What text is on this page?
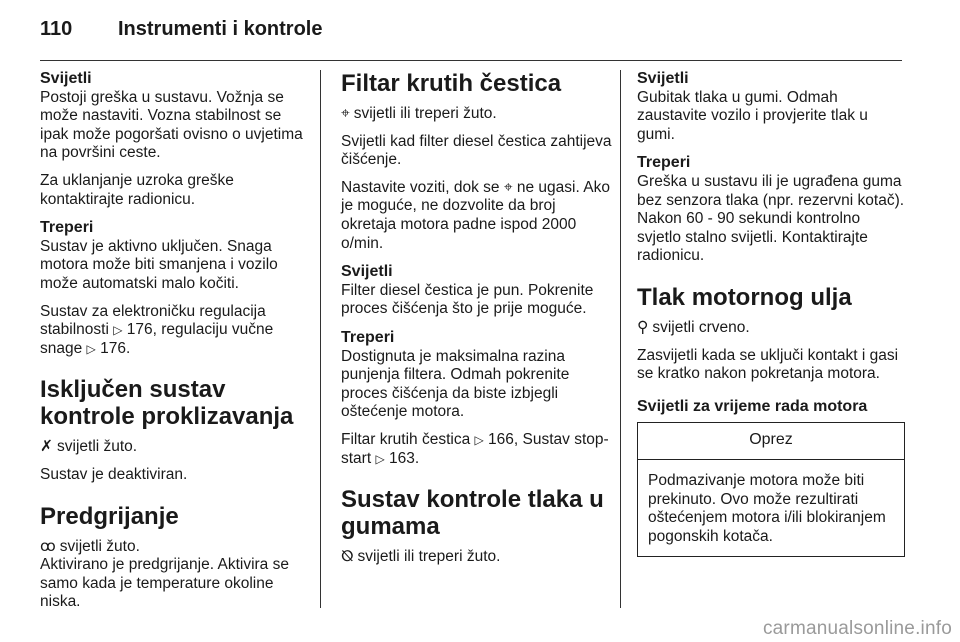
110 Instrumenti i kontrole

Svijetli

Postoji greška u sustavu. Vožnja se može nastaviti. Vozna stabilnost se ipak može pogoršati ovisno o uvjetima na površini ceste.

Za uklanjanje uzroka greške kontaktirajte radionicu.

Treperi

Sustav je aktivno uključen. Snaga motora može biti smanjena i vozilo može automatski malo kočiti.

Sustav za elektroničku regulacija stabilnosti ▷ 176, regulaciju vučne snage ▷ 176.

Isključen sustav kontrole proklizavanja

✗ svijetli žuto.

Sustav je deaktiviran.

Predgrijanje

ꝏ svijetli žuto.

Aktivirano je predgrijanje. Aktivira se samo kada je temperature okoline niska.

Filtar krutih čestica

⌖ svijetli ili treperi žuto.

Svijetli kad filter diesel čestica zahtijeva čišćenje.

Nastavite voziti, dok se ⌖ ne ugasi. Ako je moguće, ne dozvolite da broj okretaja motora padne ispod 2000 o/min.

Svijetli

Filter diesel čestica je pun. Pokrenite proces čišćenja što je prije moguće.

Treperi

Dostignuta je maksimalna razina punjenja filtera. Odmah pokrenite proces čišćenja da biste izbjegli oštećenje motora.

Filtar krutih čestica ▷ 166, Sustav stop-start ▷ 163.

Sustav kontrole tlaka u gumama

⦰ svijetli ili treperi žuto.

Svijetli

Gubitak tlaka u gumi. Odmah zaustavite vozilo i provjerite tlak u gumi.

Treperi

Greška u sustavu ili je ugrađena guma bez senzora tlaka (npr. rezervni kotač). Nakon 60 - 90 sekundi kontrolno svjetlo stalno svijetli. Kontaktirajte radionicu.

Tlak motornog ulja

⚲ svijetli crveno.

Zasvijetli kada se uključi kontakt i gasi se kratko nakon pokretanja motora.

Svijetli za vrijeme rada motora

Oprez
Podmazivanje motora može biti prekinuto. Ovo može rezultirati oštećenjem motora i/ili blokiranjem pogonskih kotača.
carmanualsonline.info
